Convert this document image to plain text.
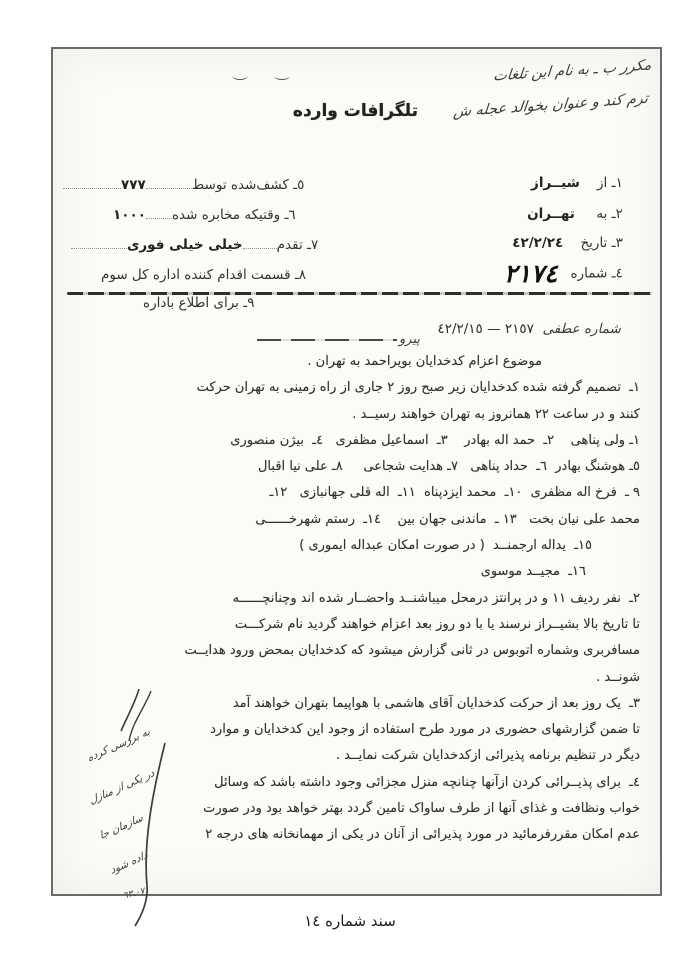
مکرر ب ـ به نام این تلغات
ترم کند و عنوان بخوالد عجله ش
تلگرافات وارده

١ـ از    شیــراز

٢ـ به     تهــران

٣ـ تاریخ    ٤٢/٢/٢٤

٤ـ شماره   ٢١٧٤

٥ـ کشف‌شده توسط٧٧٧

٦ـ وقتیکه مخابره شده١٠٠٠

٧ـ تقدمخیلی خیلی فوری

٨ـ قسمت اقدام کننده اداره کل سوم

٩ـ برای اطلاع باداره

شماره عطفی  ٢١٥٧ — ٤٢/٢/١٥

پیرو
موضوع اعزام کدخدایان بویراحمد به تهران .
١ـ  تصمیم گرفته شده کدخدایان زیر صبح روز ٢ جاری از راه زمینی به تهران حرکت
کنند و در ساعت ٢٢ همانروز به تهران خواهند رسیــد .
١ـ ولی پناهی    ٢ـ  حمد اله بهادر    ٣ـ  اسماعیل مظفری   ٤ـ  بیژن منصوری
٥ـ هوشنگ بهادر  ٦ـ  حداد پناهی   ٧ـ هدایت شجاعی     ٨ـ علی نیا اقبال
٩ ـ  فرخ اله مظفری  ١٠ـ  محمد ایزدپناه  ١١ـ  اله قلی جهانبازی   ١٢ـ
محمد علی نیان بخت   ١٣ ـ  ماندنی جهان بین    ١٤ـ  رستم شهرخــــــی
١٥ـ  یداله ارجمنــد  ( در صورت امکان عبداله ایموری )
١٦ـ  مجیــد موسوی
٢ـ  نفر ردیف ١١ و در پرانتز درمحل میباشنــد واحضــار شده اند وچنانچــــــه
تا تاریخ بالا بشیــراز نرسند یا با دو روز بعد اعزام خواهند گردید نام شرکـــت
مسافربری وشماره اتوبوس در ثانی گزارش میشود که کدخدایان بمحض ورود هدایــت
شونــد .
٣ـ  یک روز بعد از حرکت کدخدایان آقای هاشمی با هواپیما بتهران خواهند آمد
تا ضمن گزارشهای حضوری در مورد طرح استفاده از وجود این کدخدایان و موارد
دیگر در تنظیم برنامه پذیرائی ازکدخدایان شرکت نمایــد .
٤ـ  برای پذیــرائی کردن ازآنها چنانچه منزل مجزائی وجود داشته باشد که وسائل
خواب ونظافت و غذای آنها از طرف ساواک تامین گردد بهتر خواهد بود ودر صورت
عدم امکان مقررفرمائید در مورد پذیرائی از آنان در یکی از مهمانخانه های درجه ٢
به بررسی کرده
در یکی از منازل
سازمان جا
داده شود
٠٧ـ٦٣
سند شماره ١٤
